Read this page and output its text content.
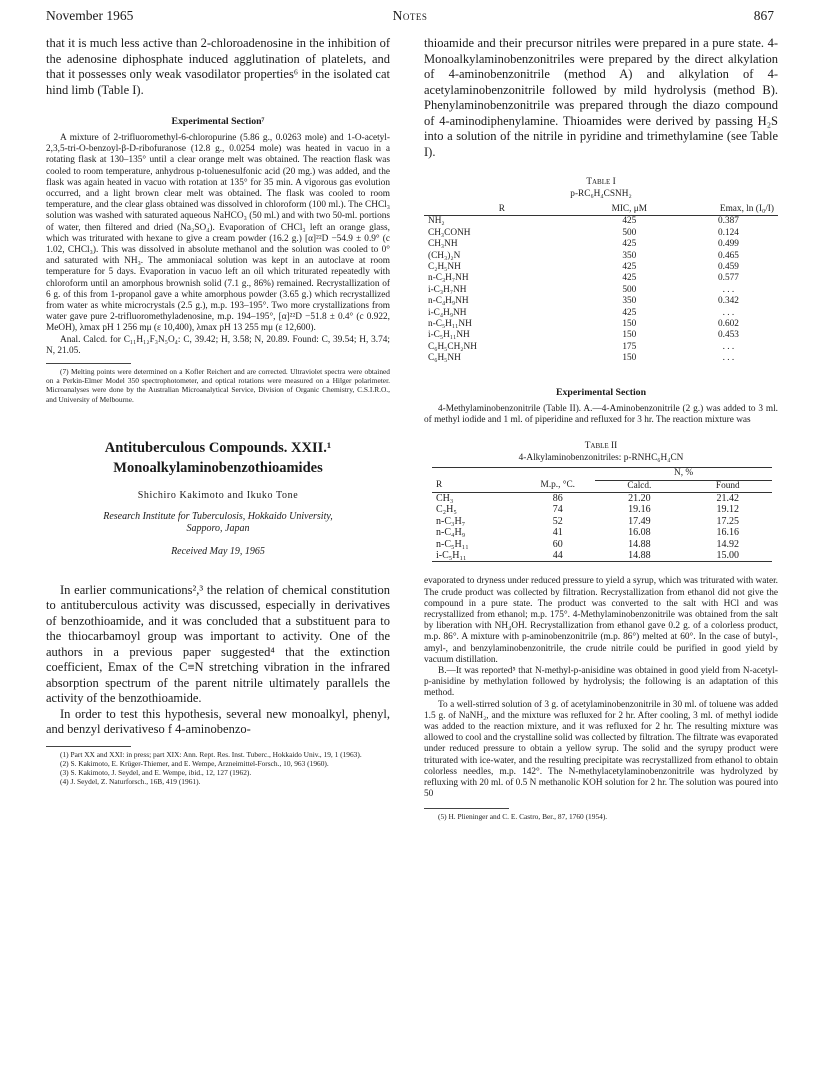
November 1965	Notes	867

that it is much less active than 2-chloroadenosine in the inhibition of the adenosine diphosphate induced agglutination of platelets, and that it possesses only weak vasodilator properties⁶ in the isolated cat hind limb (Table I).

Experimental Section⁷

A mixture of 2-trifluoromethyl-6-chloropurine (5.86 g., 0.0263 mole) and 1-O-acetyl-2,3,5-tri-O-benzoyl-β-D-ribofuranose (12.8 g., 0.0254 mole) was heated in vacuo in a rotating flask at 130–135° until a clear orange melt was obtained. The reaction flask was cooled to room temperature, anhydrous p-toluenesulfonic acid (20 mg.) was added, and the flask was again heated in vacuo with rotation at 135° for 35 min. A vigorous gas evolution occurred, and a light brown clear melt was obtained. The flask was cooled to room temperature, and the clear glass obtained was dissolved in chloroform (100 ml.). The CHCl₃ solution was washed with saturated aqueous NaHCO₃ (50 ml.) and with two 50-ml. portions of water, then filtered and dried (Na₂SO₄). Evaporation of CHCl₃ left an orange glass, which was triturated with hexane to give a cream powder (16.2 g.) [α]²²D −54.9 ± 0.9° (c 1.02, CHCl₃). This was dissolved in absolute methanol and the solution was cooled to 0° and saturated with NH₃. The ammoniacal solution was kept in an autoclave at room temperature for 5 days. Evaporation in vacuo left an oil which triturated repeatedly with chloroform until an amorphous brownish solid (7.1 g., 86%) remained. Recrystallization of 6 g. of this from 1-propanol gave a white amorphous powder (3.65 g.) which recrystallized from water as white microcrystals (2.5 g.), m.p. 193–195°. Two more crystallizations from water gave pure 2-trifluoromethyladenosine, m.p. 194–195°, [α]²²D −51.8 ± 0.4° (c 0.922, MeOH), λmax pH 1 256 mμ (ε 10,400), λmax pH 13 255 mμ (ε 12,600).

Anal. Calcd. for C₁₁H₁₂F₃N₅O₄: C, 39.42; H, 3.58; N, 20.89. Found: C, 39.54; H, 3.74; N, 21.05.

(7) Melting points were determined on a Kofler Reichert and are corrected. Ultraviolet spectra were obtained on a Perkin-Elmer Model 350 spectrophotometer, and optical rotations were measured on a Hilger polarimeter. Microanalyses were done by the Australian Microanalytical Service, Division of Organic Chemistry, C.S.I.R.O., and University of Melbourne.

Antituberculous Compounds. XXII.¹
Monoalkylaminobenzothioamides
Shichiro Kakimoto and Ikuko Tone
Research Institute for Tuberculosis, Hokkaido University,
Sapporo, Japan
Received May 19, 1965

In earlier communications²,³ the relation of chemical constitution to antituberculous activity was discussed, especially in derivatives of benzothioamide, and it was concluded that a substituent para to the thiocarbamoyl group was important to activity. One of the authors in a previous paper suggested⁴ that the extinction coefficient, Emax of the C≡N stretching vibration in the infrared absorption spectrum of the parent nitrile ultimately parallels the activity of the benzothioamide.

In order to test this hypothesis, several new monoalkyl, phenyl, and benzyl derivativeso f 4-aminobenzo-

(1) Part XX and XXI: in press; part XIX: Ann. Rept. Res. Inst. Tuberc., Hokkaido Univ., 19, 1 (1963).

(2) S. Kakimoto, E. Krüger-Thiemer, and E. Wempe, Arzneimittel-Forsch., 10, 963 (1960).

(3) S. Kakimoto, J. Seydel, and E. Wempe, ibid., 12, 127 (1962).

(4) J. Seydel, Z. Naturforsch., 16B, 419 (1961).

thioamide and their precursor nitriles were prepared in a pure state. 4-Monoalkylaminobenzonitriles were prepared by the direct alkylation of 4-aminobenzonitrile (method A) and alkylation of 4-acetylaminobenzonitrile followed by mild hydrolysis (method B). Phenylaminobenzonitrile was prepared through the diazo compound of 4-aminodiphenylamine. Thioamides were derived by passing H₂S into a solution of the nitrile in pyridine and trimethylamine (see Table I).

Table I
p-RC₆H₄CSNH₂
R	MIC, μM	Emax, ln (I₀/I)
NH₂	425	0.387
CH₃CONH	500	0.124
CH₃NH	425	0.499
(CH₃)₂N	350	0.465
C₂H₅NH	425	0.459
n-C₃H₇NH	425	0.577
i-C₃H₇NH	500	. . .
n-C₄H₉NH	350	0.342
i-C₄H₉NH	425	. . .
n-C₅H₁₁NH	150	0.602
i-C₅H₁₁NH	150	0.453
C₆H₅CH₂NH	175	. . .
C₆H₅NH	150	. . .

Experimental Section

4-Methylaminobenzonitrile (Table II). A.—4-Aminobenzonitrile (2 g.) was added to 3 ml. of methyl iodide and 1 ml. of piperidine and refluxed for 3 hr. The reaction mixture was

Table II
4-Alkylaminobenzonitriles: p-RNHC₆H₄CN
		N, %	
R	M.p., °C.	Calcd.	Found
CH₃	86	21.20	21.42
C₂H₅	74	19.16	19.12
n-C₃H₇	52	17.49	17.25
n-C₄H₉	41	16.08	16.16
n-C₅H₁₁	60	14.88	14.92
i-C₅H₁₁	44	14.88	15.00

evaporated to dryness under reduced pressure to yield a syrup, which was triturated with water. The crude product was collected by filtration. Recrystallization from ethanol did not give the compound in a pure state. The product was converted to the salt with HCl and was recrystallized from ethanol; m.p. 175°. 4-Methylaminobenzonitrile was obtained from the salt by liberation with NH₄OH. Recrystallization from ethanol gave 0.2 g. of a colorless product, m.p. 86°. A mixture with p-aminobenzonitrile (m.p. 86°) melted at 60°. In the case of butyl-, amyl-, and benzylaminobenzonitrile, the crude nitrile could be purified in good yield by vacuum distillation.

B.—It was reported⁵ that N-methyl-p-anisidine was obtained in good yield from N-acetyl-p-anisidine by methylation followed by hydrolysis; the following is an adaptation of this method.

To a well-stirred solution of 3 g. of acetylaminobenzonitrile in 30 ml. of toluene was added 1.5 g. of NaNH₂, and the mixture was refluxed for 2 hr. After cooling, 3 ml. of methyl iodide was added to the reaction mixture, and it was refluxed for 2 hr. The resulting mixture was allowed to cool and the crystalline solid was collected by filtration. The filtrate was evaporated under reduced pressure to obtain a yellow syrup. The solid and the syrupy product were triturated with ice-water, and the resulting precipitate was recrystallized from ethanol to obtain colorless needles, m.p. 142°. The N-methylacetylaminobenzonitrile was hydrolyzed by refluxing with 20 ml. of 0.5 N methanolic KOH solution for 2 hr. The solution was poured into 50

(5) H. Plieninger and C. E. Castro, Ber., 87, 1760 (1954).
